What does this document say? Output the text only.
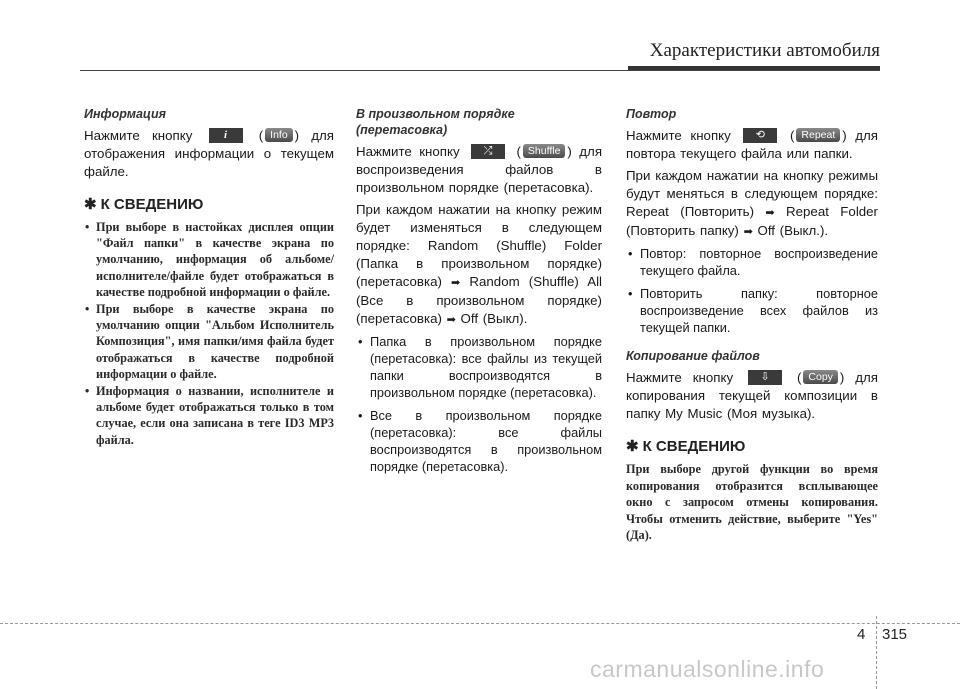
Характеристики автомобиля
Информация

Нажмите кнопку	i ( Info ) для отображения информации о текущем файле.

✱ К СВЕДЕНИЮ
• При выборе в настойках дисплея опции "Файл папки" в качестве экрана по умолчанию, информация об альбоме/исполнителе/файле будет отображаться в качестве подробной информации о файле.
• При выборе в качестве экрана по умолчанию опции "Альбом Исполнитель Композиция", имя папки/имя файла будет отображаться в качестве подробной информации о файле.
• Информация о названии, исполнителе и альбоме будет отображаться только в том случае, если она записана в теге ID3 MP3 файла.
В произвольном порядке (перетасовка)

Нажмите кнопку ⤮ ( Shuffle ) для воспроизведения файлов в произвольном порядке (перетасовка).

При каждом нажатии на кнопку режим будет изменяться в следующем порядке: Random (Shuffle) Folder (Папка в произвольном порядке) (перетасовка) ➡ Random (Shuffle) All (Все в произвольном порядке) (перетасовка) ➡ Off (Выкл).

• Папка в произвольном порядке (перетасовка): все файлы из текущей папки воспроизводятся в произвольном порядке (перетасовка).
• Все в произвольном порядке (перетасовка): все файлы воспроизводятся в произвольном порядке (перетасовка).
Повтор

Нажмите кнопку ⟲ ( Repeat ) для повтора текущего файла или папки.

При каждом нажатии на кнопку режимы будут меняться в следующем порядке: Repeat (Повторить) ➡ Repeat Folder (Повторить папку) ➡ Off (Выкл.).

• Повтор: повторное воспроизведение текущего файла.
• Повторить папку: повторное воспроизведение всех файлов из текущей папки.
Копирование файлов

Нажмите кнопку ⇩ ( Copy ) для копирования текущей композиции в папку My Music (Моя музыка).

✱ К СВЕДЕНИЮ

При выборе другой функции во время копирования отобразится всплывающее окно с запросом отмены копирования. Чтобы отменить действие, выберите "Yes" (Да).

4 315
carmanualsonline.info
